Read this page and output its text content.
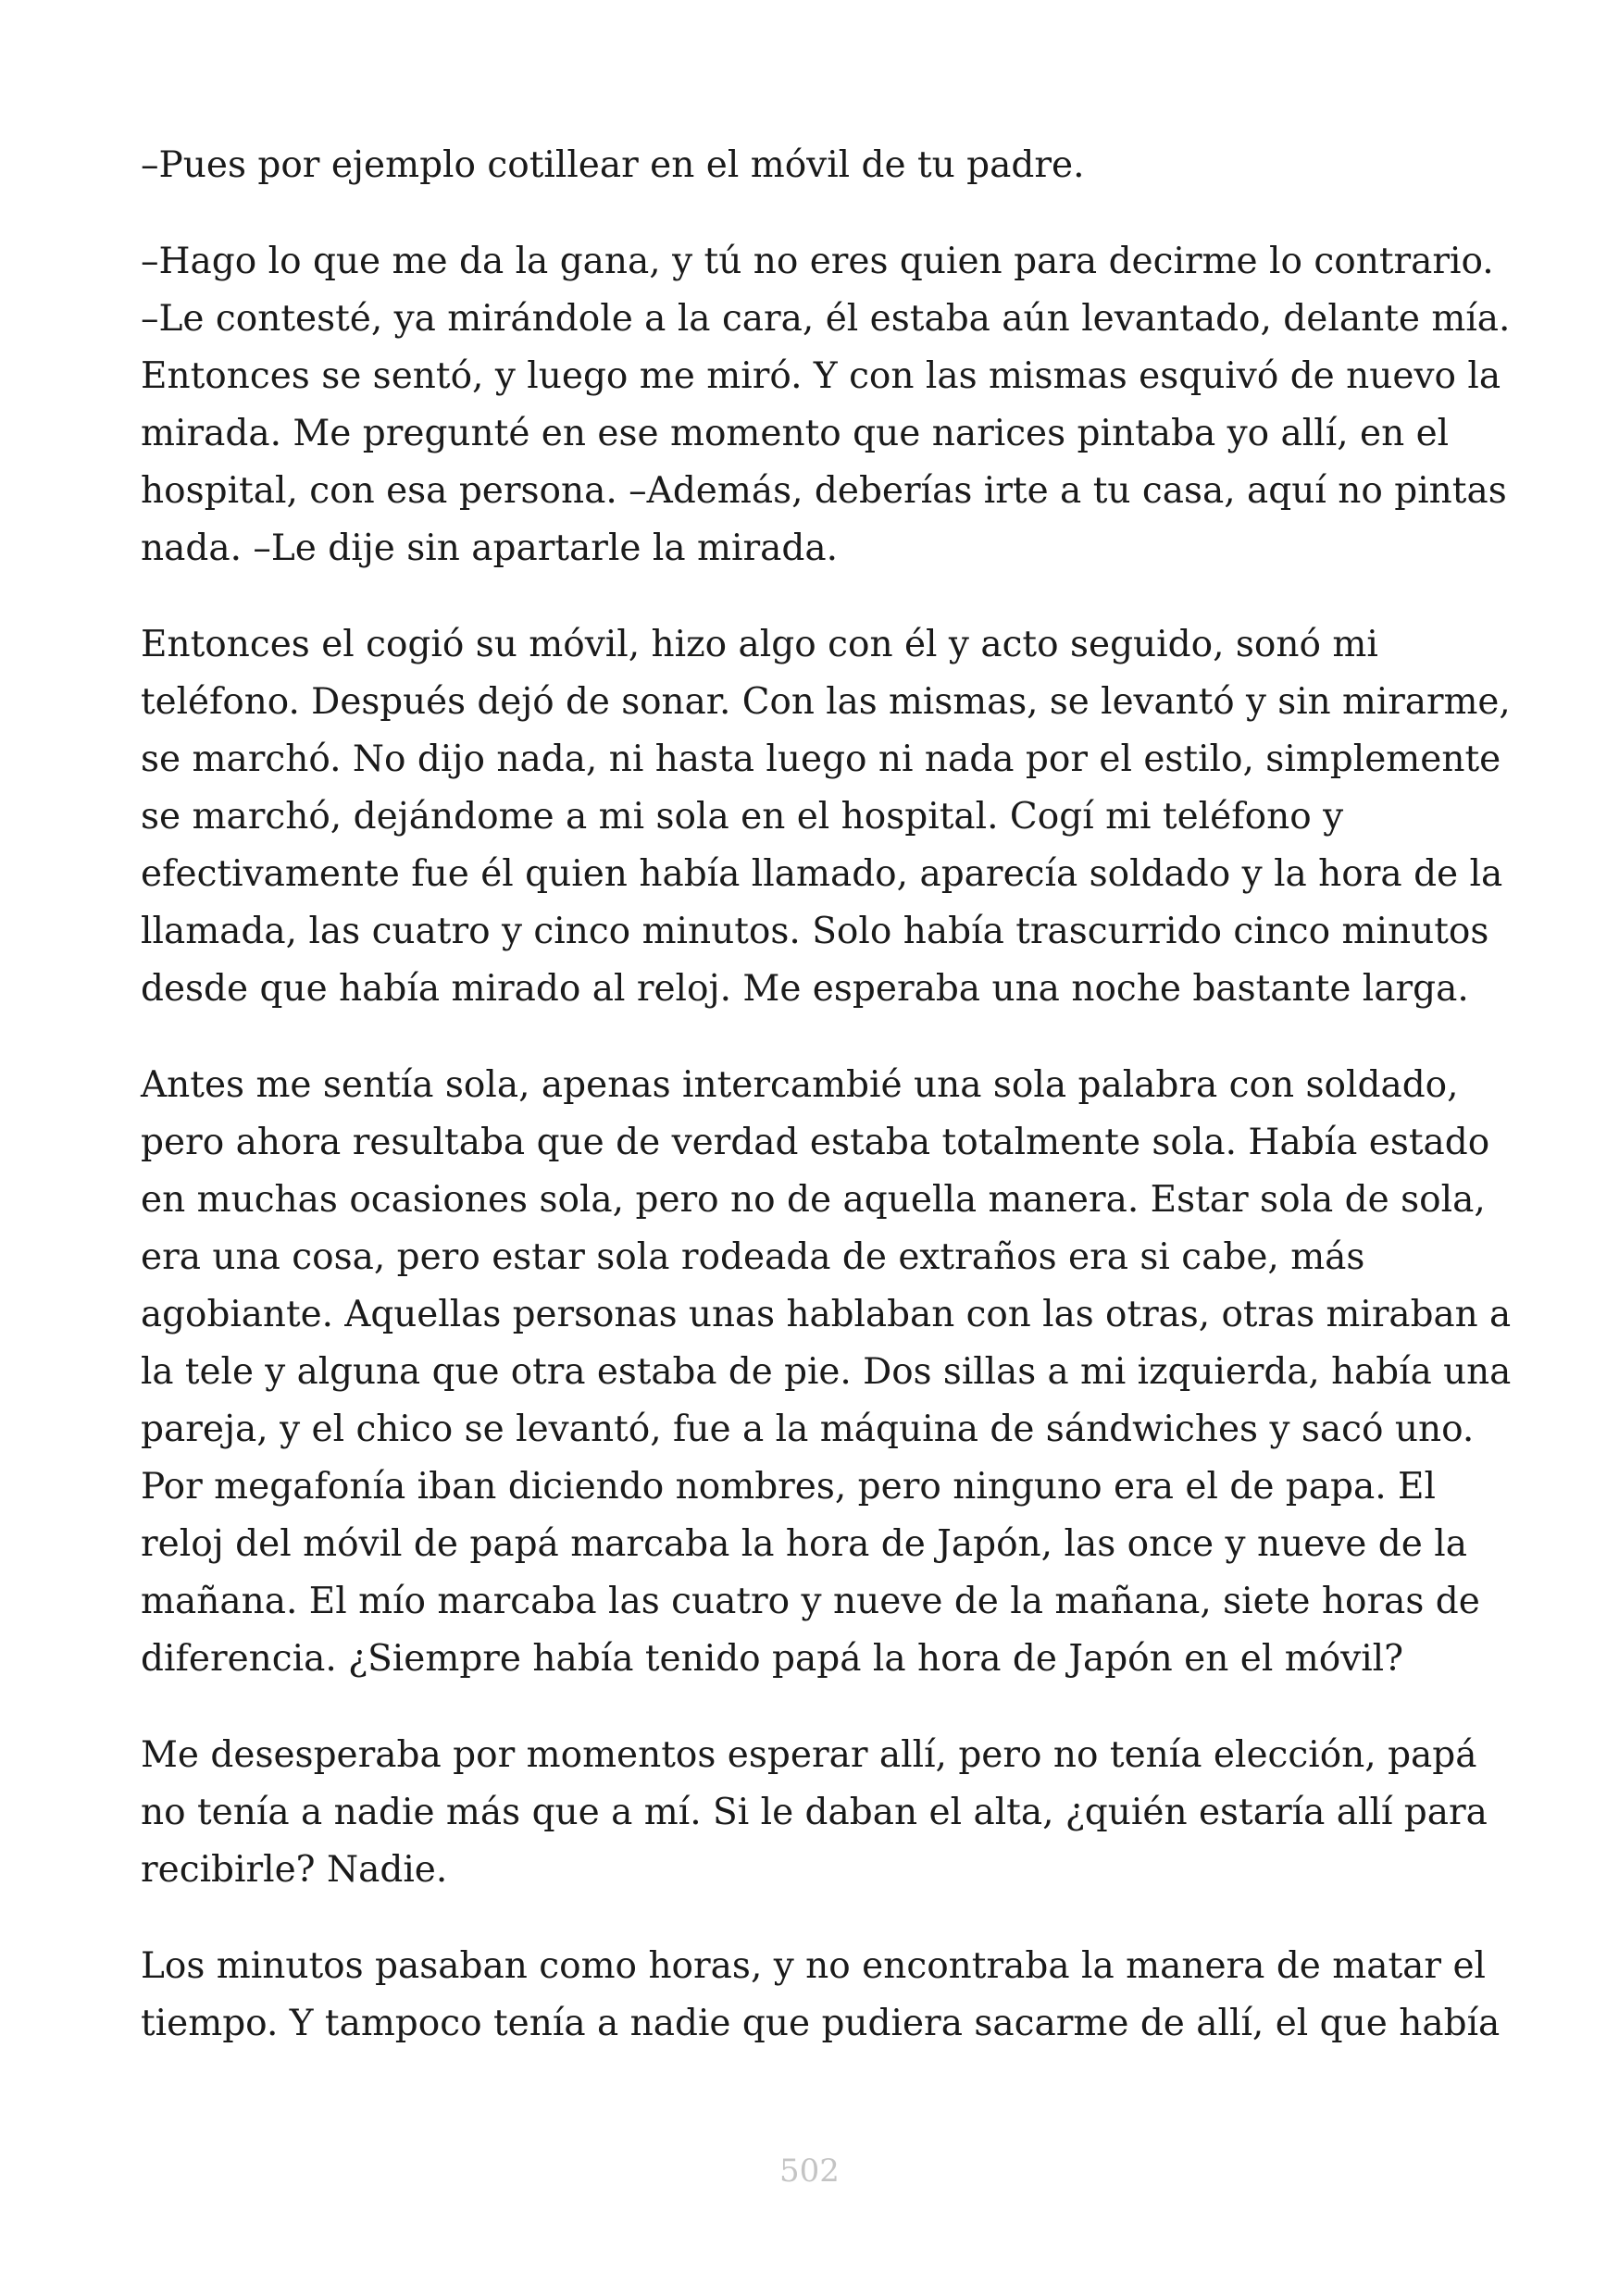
–Pues por ejemplo cotillear en el móvil de tu padre.

–Hago lo que me da la gana, y tú no eres quien para decirme lo contrario.
–Le contesté, ya mirándole a la cara, él estaba aún levantado, delante mía.
Entonces se sentó, y luego me miró. Y con las mismas esquivó de nuevo la
mirada. Me pregunté en ese momento que narices pintaba yo allí, en el
hospital, con esa persona. –Además, deberías irte a tu casa, aquí no pintas
nada. –Le dije sin apartarle la mirada.

Entonces el cogió su móvil, hizo algo con él y acto seguido, sonó mi
teléfono. Después dejó de sonar. Con las mismas, se levantó y sin mirarme,
se marchó. No dijo nada, ni hasta luego ni nada por el estilo, simplemente
se marchó, dejándome a mi sola en el hospital. Cogí mi teléfono y
efectivamente fue él quien había llamado, aparecía soldado y la hora de la
llamada, las cuatro y cinco minutos. Solo había trascurrido cinco minutos
desde que había mirado al reloj. Me esperaba una noche bastante larga.

Antes me sentía sola, apenas intercambié una sola palabra con soldado,
pero ahora resultaba que de verdad estaba totalmente sola. Había estado
en muchas ocasiones sola, pero no de aquella manera. Estar sola de sola,
era una cosa, pero estar sola rodeada de extraños era si cabe, más
agobiante. Aquellas personas unas hablaban con las otras, otras miraban a
la tele y alguna que otra estaba de pie. Dos sillas a mi izquierda, había una
pareja, y el chico se levantó, fue a la máquina de sándwiches y sacó uno.
Por megafonía iban diciendo nombres, pero ninguno era el de papa. El
reloj del móvil de papá marcaba la hora de Japón, las once y nueve de la
mañana. El mío marcaba las cuatro y nueve de la mañana, siete horas de
diferencia. ¿Siempre había tenido papá la hora de Japón en el móvil?

Me desesperaba por momentos esperar allí, pero no tenía elección, papá
no tenía a nadie más que a mí. Si le daban el alta, ¿quién estaría allí para
recibirle? Nadie.

Los minutos pasaban como horas, y no encontraba la manera de matar el
tiempo. Y tampoco tenía a nadie que pudiera sacarme de allí, el que había

502
